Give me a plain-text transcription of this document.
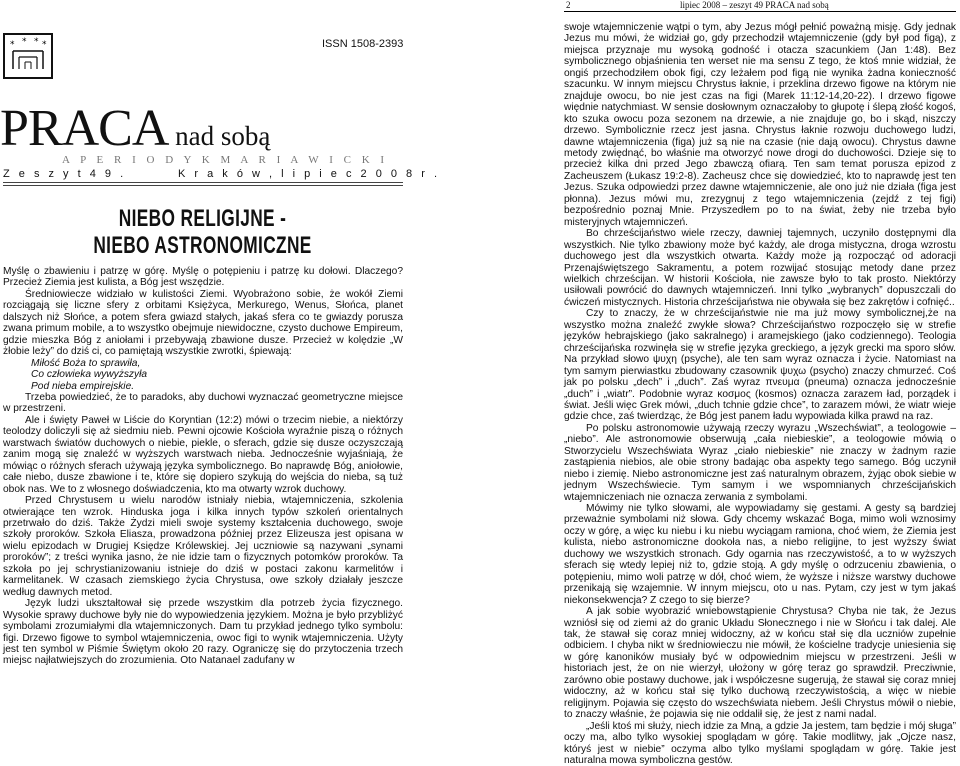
2	lipiec 2008 – zeszyt 49 PRACA nad sobą
* * * *	ISSN 1508-2393
PRACA nad sobą
A P E R I O D Y K M A R I A W I C K I
Z e s z y t 4 9 .	K r a k ó w , l i p i e c 2 0 0 8 r .
NIEBO RELIGIJNE -
NIEBO ASTRONOMICZNE

Myślę o zbawieniu i patrzę w górę. Myślę o potępieniu i patrzę ku dołowi. Dlaczego? Przecież Ziemia jest kulista, a Bóg jest wszędzie.

Średniowiecze widziało w kulistości Ziemi. Wyobrażono sobie, że wokół Ziemi rozciągają się liczne sfery z orbitami Księżyca, Merkurego, Wenus, Słońca, planet dalszych niż Słońce, a potem sfera gwiazd stałych, jakaś sfera co te gwiazdy porusza zwana primum mobile, a to wszystko obejmuje niewidoczne, czysto duchowe Empireum, gdzie mieszka Bóg z aniołami i przebywają zbawione dusze. Przecież w kolędzie „W żłobie leży” do dziś ci, co pamiętają wszystkie zwrotki, śpiewają:

Miłość Boża to sprawiła,

Co człowieka wywyższyła

Pod nieba empirejskie.

Trzeba powiedzieć, że to paradoks, aby duchowi wyznaczać geometryczne miejsce w przestrzeni.

Ale i święty Paweł w Liście do Koryntian (12:2) mówi o trzecim niebie, a niektórzy teolodzy doliczyli się aż siedmiu nieb. Pewni ojcowie Kościoła wyraźnie piszą o różnych warstwach światów duchowych o niebie, piekle, o sferach, gdzie się dusze oczyszczają zanim mogą się znaleźć w wyższych warstwach nieba. Jednocześnie wyjaśniają, że mówiąc o różnych sferach używają języka symbolicznego. Bo naprawdę Bóg, aniołowie, całe niebo, dusze zbawione i te, które się dopiero szykują do wejścia do nieba, są tuż obok nas. We to z włosnego doświadczenia, kto ma otwarty wzrok duchowy.

Przed Chrystusem u wielu narodów istniały niebia, wtajemniczenia, szkolenia otwierające ten wzrok. Hinduska joga i kilka innych typów szkoleń orientalnych przetrwało do dziś. Także Żydzi mieli swoje systemy kształcenia duchowego, swoje szkoły proroków. Szkoła Eliasza, prowadzona później przez Elizeusza jest opisana w wielu epizodach w Drugiej Księdze Królewskiej. Jej uczniowie są nazywani „synami proroków”; z treści wynika jasno, że nie idzie tam o fizycznych potomków proroków. Ta szkoła po jej schrystianizowaniu istnieje do dziś w postaci zakonu karmelitów i karmelitanek. W czasach ziemskiego życia Chrystusa, owe szkoły działały jeszcze według dawnych metod.

Język ludzi ukształtował się przede wszystkim dla potrzeb życia fizycznego. Wysokie sprawy duchowe były nie do wypowiedzenia językiem. Można je było przybliżyć symbolami zrozumiałymi dla wtajemniczonych. Dam tu przykład jednego tylko symbolu: figi. Drzewo figowe to symbol wtajemniczenia, owoc figi to wynik wtajemniczenia. Użyty jest ten symbol w Piśmie Świętym około 20 razy. Ograniczę się do przytoczenia trzech miejsc najłatwiejszych do zrozumienia. Oto Natanael zadufany w

swoje wtajemniczenie wątpi o tym, aby Jezus mógł pełnić poważną misję. Gdy jednak Jezus mu mówi, że widział go, gdy przechodził wtajemniczenie (gdy był pod figą), z miejsca przyznaje mu wysoką godność i otacza szacunkiem (Jan 1:48). Bez symbolicznego objaśnienia ten werset nie ma sensu Z tego, że ktoś mnie widział, że ongiś przechodziłem obok figi, czy leżałem pod figą nie wynika żadna konieczność szacunku. W innym miejscu Chrystus łaknie, i przeklina drzewo figowe na którym nie znajduje owocu, bo nie jest czas na figi (Marek 11:12-14,20-22). I drzewo figowe więdnie natychmiast. W sensie dosłownym oznaczałoby to głupotę i ślepą złość kogoś, kto szuka owocu poza sezonem na drzewie, a nie znajduje go, bo i skąd, niszczy drzewo. Symbolicznie rzecz jest jasna. Chrystus łaknie rozwoju duchowego ludzi, dawne wtajemniczenia (figa) już są nie na czasie (nie dają owocu). Chrystus dawne metody zwiędnąć, bo właśnie ma otworzyć nowe drogi do duchowości. Dzieje się to przecież kilka dni przed Jego zbawczą ofiarą. Ten sam temat porusza epizod z Zacheuszem (Łukasz 19:2-8). Zacheusz chce się dowiedzieć, kto to naprawdę jest ten Jezus. Szuka odpowiedzi przez dawne wtajemniczenie, ale ono już nie działa (figa jest płonna). Jezus mówi mu, zrezygnuj z tego wtajemniczenia (zejdź z tej figi) bezpośrednio poznaj Mnie. Przyszedłem po to na świat, żeby nie trzeba było misteryjnych wtajemniczeń.

Bo chrześcijaństwo wiele rzeczy, dawniej tajemnych, uczyniło dostępnymi dla wszystkich. Nie tylko zbawiony może być każdy, ale droga mistyczna, droga wzrostu duchowego jest dla wszystkich otwarta. Każdy może ją rozpocząć od adoracji Przenajświętszego Sakramentu, a potem rozwijać stosując metody dane przez wielkich chrześcijan. W historii Kościoła, nie zawsze było to tak prosto. Niektórzy usiłowali powrócić do dawnych wtajemniczeń. Inni tylko „wybranych” dopuszczali do ćwiczeń mistycznych. Historia chrześcijaństwa nie obywała się bez zakrętów i cofnięć..

Czy to znaczy, że w chrześcijaństwie nie ma już mowy symbolicznej,że na wszystko można znaleźć zwykłe słowa? Chrześcijaństwo rozpoczęło się w strefie języków hebrajskiego (jako sakralnego) i aramejskiego (jako codziennego). Teologia chrześcijańska rozwinęła się w strefie języka greckiego, a język grecki ma sporo słów. Na przykład słowo ψυχη (psyche), ale ten sam wyraz oznacza i życie. Natomiast na tym samym pierwiastku zbudowany czasownik ψυχω (psycho) znaczy chmurzeć. Coś jak po polsku „dech” i „duch”. Zaś wyraz πνευμα (pneuma) oznacza jednocześnie „duch” i „wiatr”. Podobnie wyraz κοσμος (kosmos) oznacza zarazem ład, porządek i świat. Jeśli więc Grek mówi, „duch tchnie gdzie chce”, to zarazem mówi, że wiatr wieje gdzie chce, zaś twierdząc, że Bóg jest panem ładu wypowiada kilka prawd na raz.

Po polsku astronomowie używają rzeczy wyrazu „Wszechświat”, a teologowie – „niebo”. Ale astronomowie obserwują „cała niebieskie”, a teologowie mówią o Stworzycielu Wszechświata Wyraz „ciało niebieskie” nie znaczy w żadnym razie zastąpienia niebios, ale obie strony badając oba aspekty tego samego. Bóg uczynił niebo i ziemię. Niebo astronomiczne jest zaś naturalnym obrazem, żyjąc obok siebie w jednym Wszechświecie. Tym samym i we wspomnianych chrześcijańskich wtajemniczeniach nie oznacza zerwania z symbolami.

Mówimy nie tylko słowami, ale wypowiadamy się gestami. A gesty są bardziej przeważnie symbolami niż słowa. Gdy chcemy wskazać Boga, mimo woli wznosimy oczy w górę, a więc ku niebu i ku niebu wyciągam ramiona, choć wiem, że Ziemia jest kulista, niebo astronomiczne dookoła nas, a niebo religijne, to jest wyższy świat duchowy we wszystkich stronach. Gdy ogarnia nas rzeczywistość, a to w wyższych sferach się wtedy lepiej niż to, gdzie stoją. A gdy myślę o odrzuceniu zbawienia, o potępieniu, mimo woli patrzę w dół, choć wiem, że wyższe i niższe warstwy duchowe przenikają się wzajemnie. W innym miejscu, oto u nas. Pytam, czy jest w tym jakaś niekonsekwencja? Z czego to się bierze?

A jak sobie wyobrazić wniebowstąpienie Chrystusa? Chyba nie tak, że Jezus wzniósł się od ziemi aż do granic Układu Słonecznego i nie w Słońcu i tak dalej. Ale tak, że stawał się coraz mniej widoczny, aż w końcu stał się dla uczniów zupełnie odbiciem. I chyba nikt w średniowieczu nie mówił, że kościelne tradycje uniesienia się w górę kanoników musiały być w odpowiednim miejscu w przestrzeni. Jeśli w historiach jest, że on nie wierzył, ułożony w górę teraz go sprawdził. Precziwnie, zarówno obie postawy duchowe, jak i współczesne sugerują, że stawał się coraz mniej widoczny, aż w końcu stał się tylko duchową rzeczywistością, a więc w niebie religijnym. Pojawia się często do wszechświata niebem. Jeśli Chrystus mówił o niebie, to znaczy właśnie, że pojawia się nie oddalił się, że jest z nami nadal.

„Jeśli ktoś mi służy, niech idzie za Mną, a gdzie Ja jestem, tam będzie i mój sługa” oczy ma, albo tylko wysokiej spoglądam w górę. Takie modlitwy, jak „Ojcze nasz, któryś jest w niebie” oczyma albo tylko myślami spoglądam w górę. Takie jest naturalna mowa symboliczna gestów.
